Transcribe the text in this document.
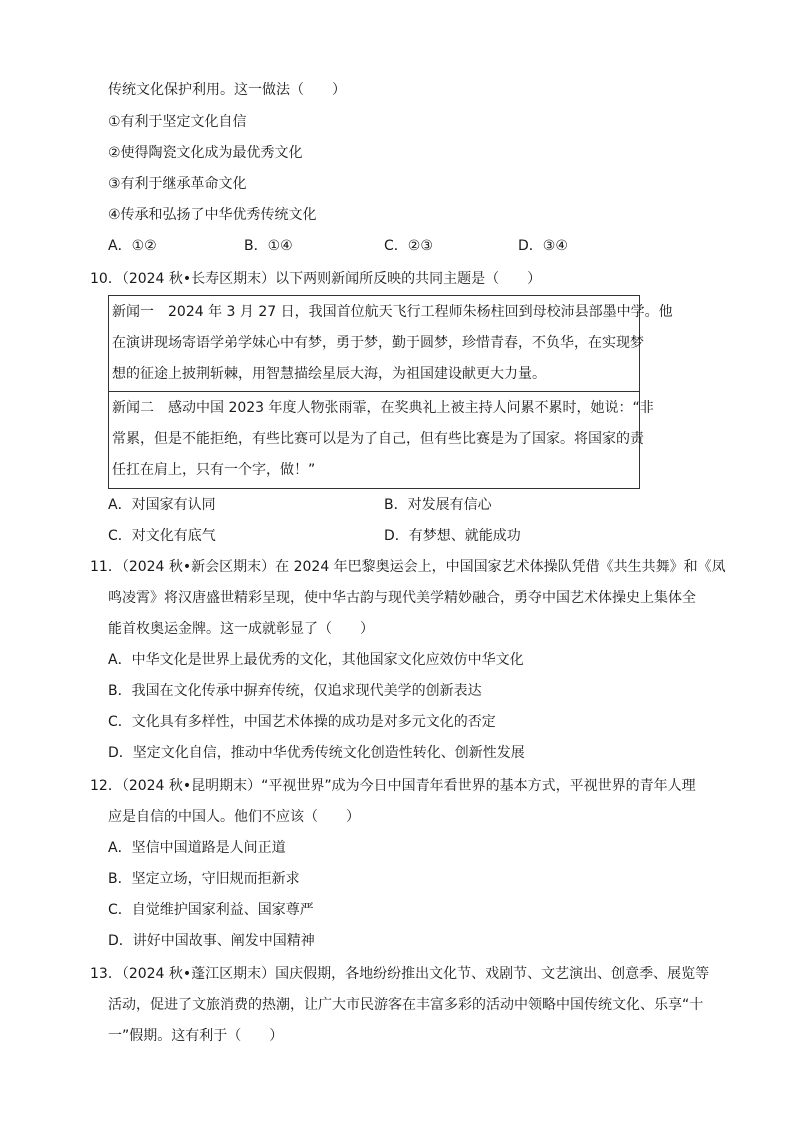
传统文化保护利用。这一做法（　　）
①有利于坚定文化自信
②使得陶瓷文化成为最优秀文化
③有利于继承革命文化
④传承和弘扬了中华优秀传统文化
A．①②	B．①④	C．②③	D．③④
10．（2024 秋•长寿区期末）以下两则新闻所反映的共同主题是（　　）
新闻一　2024 年 3 月 27 日，我国首位航天飞行工程师朱杨柱回到母校沛县部墨中学。他
在演讲现场寄语学弟学妹心中有梦，勇于梦，勤于圆梦，珍惜青春，不负华，在实现梦
想的征途上披荆斩棘，用智慧描绘星辰大海，为祖国建设献更大力量。
新闻二　感动中国 2023 年度人物张雨霏，在奖典礼上被主持人问累不累时，她说：“非
常累，但是不能拒绝，有些比赛可以是为了自己，但有些比赛是为了国家。将国家的责
任扛在肩上，只有一个字，做！”
A．对国家有认同	B．对发展有信心
C．对文化有底气	D．有梦想、就能成功
11．（2024 秋•新会区期末）在 2024 年巴黎奥运会上，中国国家艺术体操队凭借《共生共舞》和《凤
鸣凌霄》将汉唐盛世精彩呈现，使中华古韵与现代美学精妙融合，勇夺中国艺术体操史上集体全
能首枚奥运金牌。这一成就彰显了（　　）
A．中华文化是世界上最优秀的文化，其他国家文化应效仿中华文化
B．我国在文化传承中摒弃传统，仅追求现代美学的创新表达
C．文化具有多样性，中国艺术体操的成功是对多元文化的否定
D．坚定文化自信，推动中华优秀传统文化创造性转化、创新性发展
12．（2024 秋•昆明期末）“平视世界”成为今日中国青年看世界的基本方式，平视世界的青年人理
应是自信的中国人。他们不应该（　　）
A．坚信中国道路是人间正道
B．坚定立场，守旧规而拒新求
C．自觉维护国家利益、国家尊严
D．讲好中国故事、阐发中国精神
13．（2024 秋•蓬江区期末）国庆假期，各地纷纷推出文化节、戏剧节、文艺演出、创意季、展览等
活动，促进了文旅消费的热潮，让广大市民游客在丰富多彩的活动中领略中国传统文化、乐享“十
一”假期。这有利于（　　）
